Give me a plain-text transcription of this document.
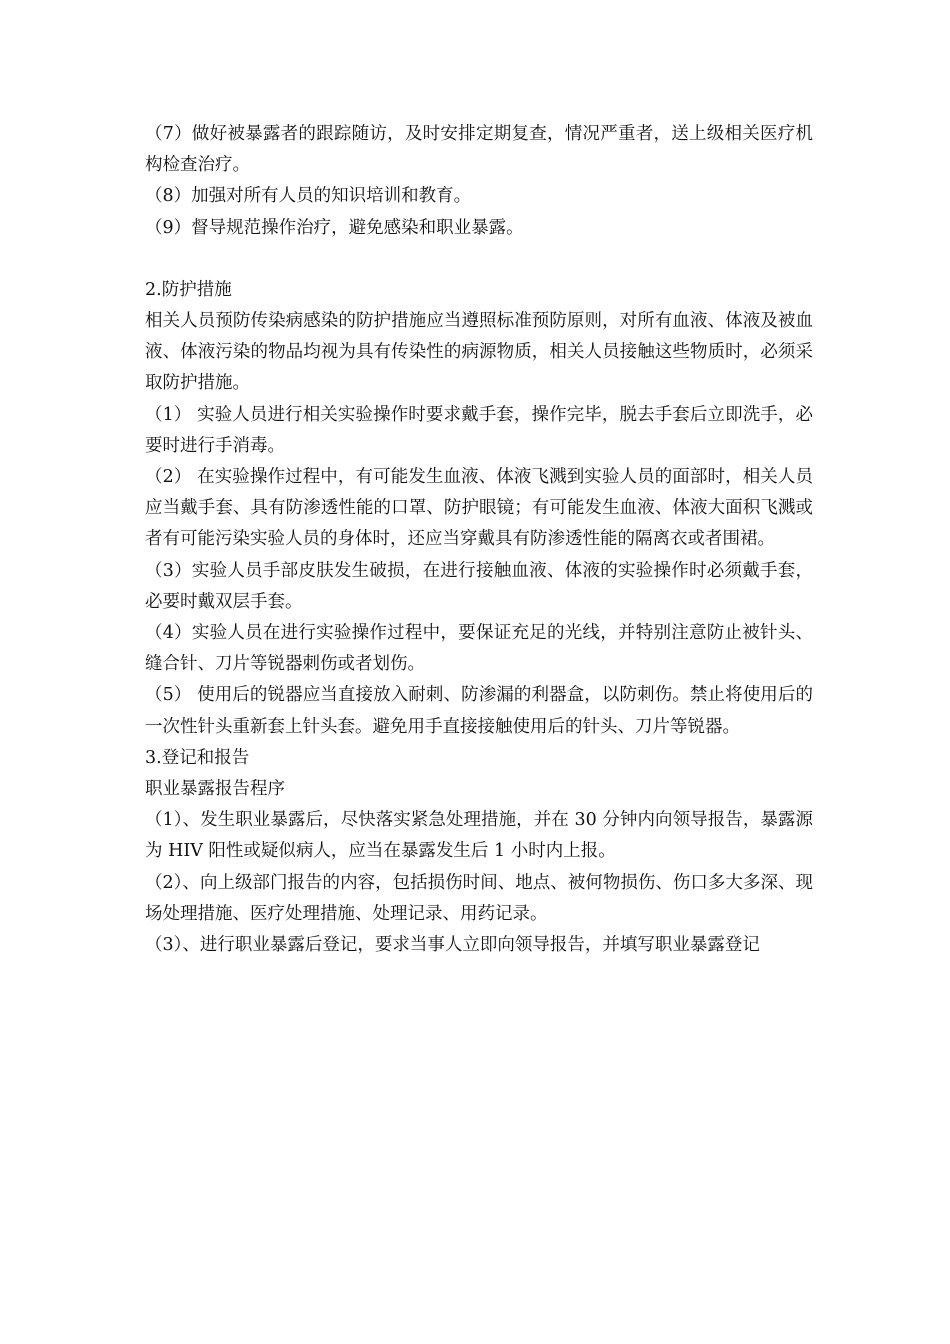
（7）做好被暴露者的跟踪随访，及时安排定期复查，情况严重者，送上级相关医疗机构检查治疗。

（8）加强对所有人员的知识培训和教育。

（9）督导规范操作治疗，避免感染和职业暴露。

2.防护措施

相关人员预防传染病感染的防护措施应当遵照标准预防原则，对所有血液、体液及被血液、体液污染的物品均视为具有传染性的病源物质，相关人员接触这些物质时，必须采取防护措施。

（1） 实验人员进行相关实验操作时要求戴手套，操作完毕，脱去手套后立即洗手，必要时进行手消毒。

（2） 在实验操作过程中，有可能发生血液、体液飞溅到实验人员的面部时，相关人员应当戴手套、具有防渗透性能的口罩、防护眼镜；有可能发生血液、体液大面积飞溅或者有可能污染实验人员的身体时，还应当穿戴具有防渗透性能的隔离衣或者围裙。

（3）实验人员手部皮肤发生破损，在进行接触血液、体液的实验操作时必须戴手套，必要时戴双层手套。

（4）实验人员在进行实验操作过程中，要保证充足的光线，并特别注意防止被针头、缝合针、刀片等锐器刺伤或者划伤。

（5） 使用后的锐器应当直接放入耐刺、防渗漏的利器盒，以防刺伤。禁止将使用后的一次性针头重新套上针头套。避免用手直接接触使用后的针头、刀片等锐器。

3.登记和报告

职业暴露报告程序

（1）、发生职业暴露后，尽快落实紧急处理措施，并在 30 分钟内向领导报告，暴露源为 HIV 阳性或疑似病人，应当在暴露发生后 1 小时内上报。

（2）、向上级部门报告的内容，包括损伤时间、地点、被何物损伤、伤口多大多深、现场处理措施、医疗处理措施、处理记录、用药记录。

（3）、进行职业暴露后登记，要求当事人立即向领导报告，并填写职业暴露登记
